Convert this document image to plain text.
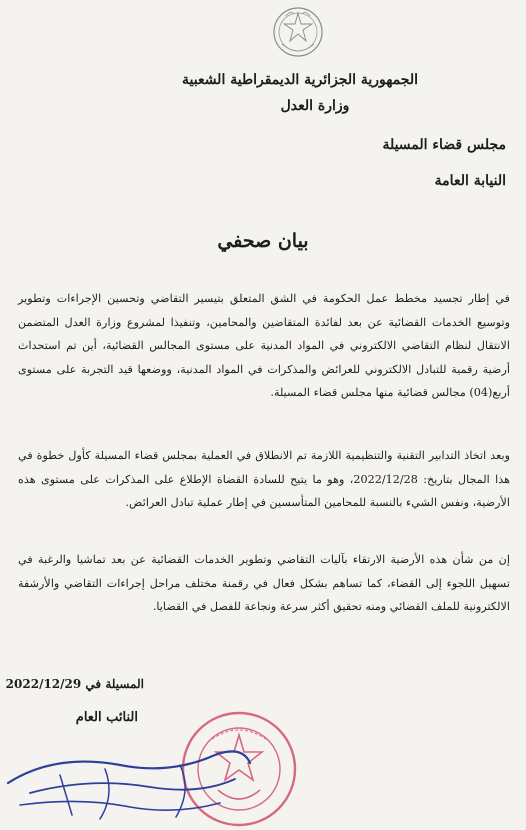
الجمهورية الجزائرية الديمقراطية الشعبية
وزارة العدل
مجلس قضاء المسيلة
النيابة العامة
بيان صحفي
في إطار تجسيد مخطط عمل الحكومة في الشق المتعلق بتيسير التقاضي وتحسين الإجراءات وتطوير وتوسيع الخدمات القضائية عن بعد لفائدة المتقاضين والمحامين، وتنفيذا لمشروع وزارة العدل المتضمن الانتقال لنظام التقاضي الالكتروني في المواد المدنية على مستوى المجالس القضائية، أين تم استحداث أرضية رقمية للتبادل الالكتروني للعرائض والمذكرات في المواد المدنية، ووضعها قيد التجربة على مستوى أربع(04) مجالس قضائية منها مجلس قضاء المسيلة.
وبعد اتخاذ التدابير التقنية والتنظيمية اللازمة تم الانطلاق في العملية بمجلس قضاء المسيلة كأول خطوة في هذا المجال بتاريخ: 2022/12/28، وهو ما يتيح للسادة القضاة الإطلاع على المذكرات على مستوى هذه الأرضية، ونفس الشيء بالنسبة للمحامين المتأسسين في إطار عملية تبادل العرائض.
إن من شأن هذه الأرضية الارتقاء بآليات التقاضي وتطوير الخدمات القضائية عن بعد تماشيا والرغبة في تسهيل اللجوء إلى القضاء، كما تساهم بشكل فعال في رقمنة مختلف مراحل إجراءات التقاضي والأرشفة الالكترونية للملف القضائي ومنه تحقيق أكثر سرعة ونجاعة للفصل في القضايا.
المسيلة في 2022/12/29
النائب العام
